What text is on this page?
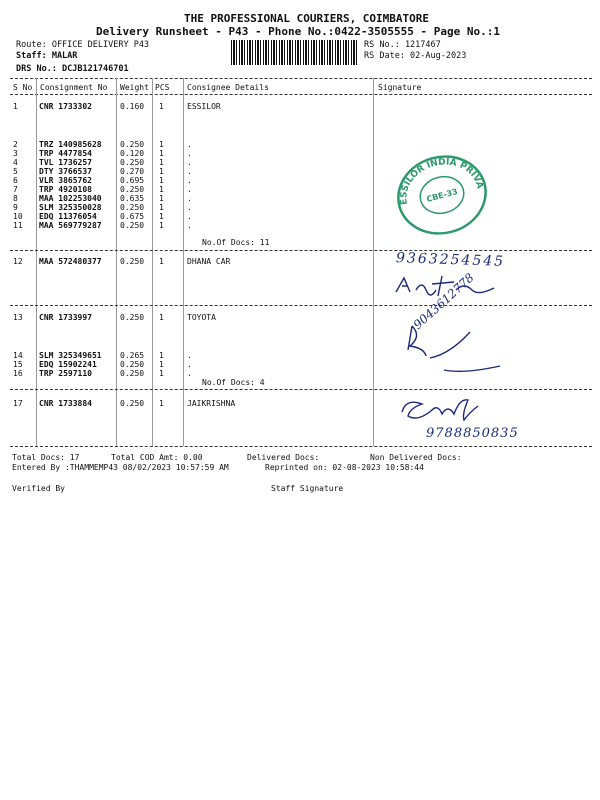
THE PROFESSIONAL COURIERS, COIMBATORE
Delivery Runsheet - P43 - Phone No.:0422-3505555 - Page No.:1
Route: OFFICE DELIVERY P43
Staff: MALAR
DRS No.: DCJB121746701
RS No.: 1217467
RS Date: 02-Aug-2023
S No Consignment No Weight PCS Consignee Details	Signature
1	CNR 1733302	0.160 1	ESSILOR
2	TRZ 140985628 0.250 1	.
3	TRP 4477854	0.120 1	.
4	TVL 1736257	0.250 1	.
5	DTY 3766537	0.270 1	.
6	VLR 3865762	0.695 1	.
7	TRP 4920108	0.250 1	.
8	MAA 102253040 0.635 1	.
9	SLM 325350028 0.250 1	.
10 EDQ 11376054	0.675 1	.
11 MAA 569779287 0.250 1	.
12 MAA 572480377 0.250 1	DHANA CAR
13 CNR 1733997	0.250 1	TOYOTA
14 SLM 325349651 0.265 1	.
15 EDQ 15902241	0.250 1	.
16 TRP 2597110	0.250 1	.
17 CNR 1733884	0.250 1	JAIKRISHNA
No.Of Docs: 11
No.Of Docs: 4
ESSILOR INDIA PRIVATE
CBE-33
9363254545
9043612778
9788850835
Total Docs: 17	Total COD Amt: 0.00	Delivered Docs:	Non Delivered Docs:
Entered By :THAMMEMP43 08/02/2023 10:57:59 AM	Reprinted on: 02-08-2023 10:58:44
Verified By	Staff Signature
